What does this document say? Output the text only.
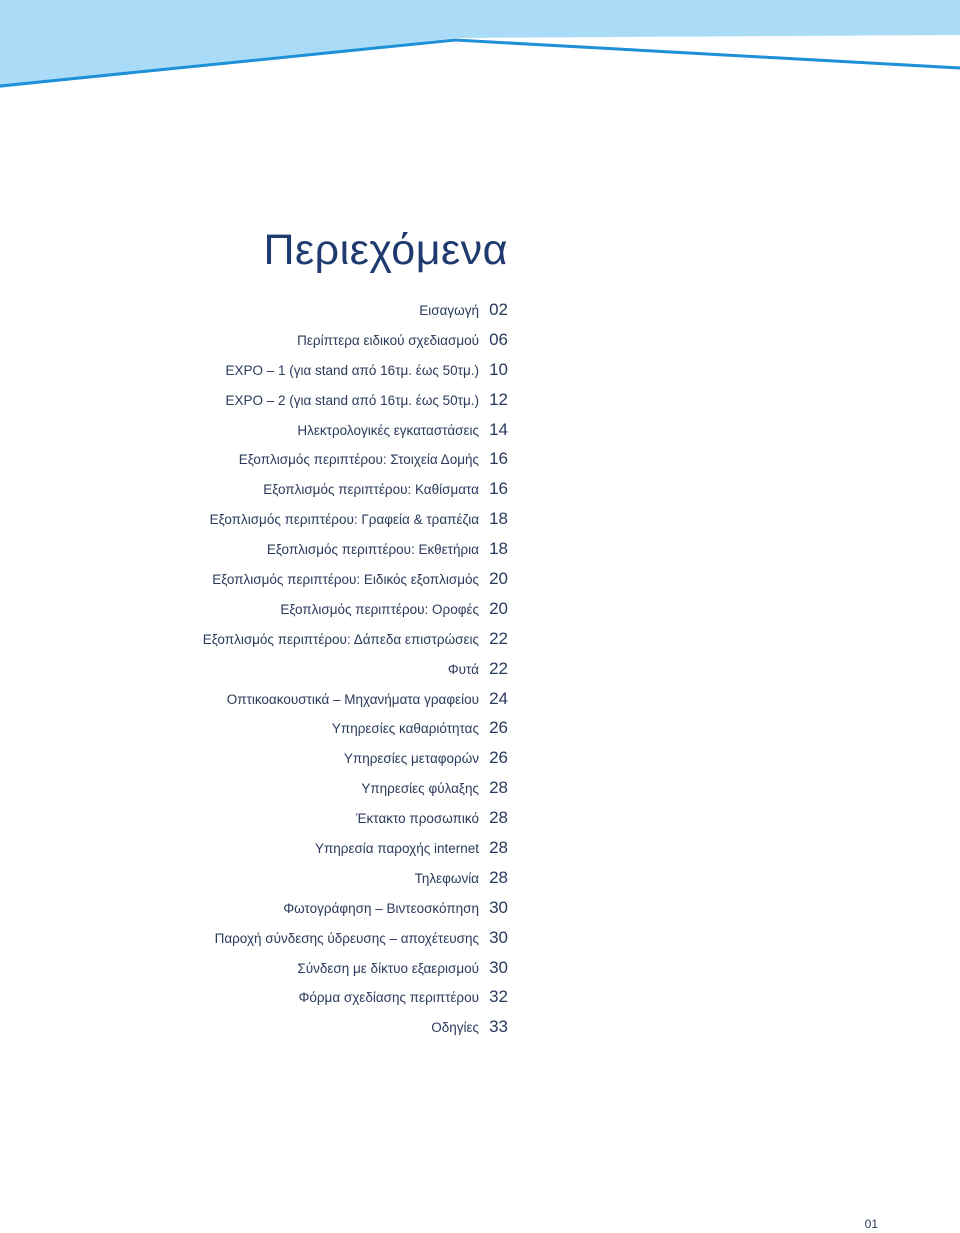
Περιεχόμενα
Εισαγωγή 02
Περίπτερα ειδικού σχεδιασμού 06
EXPO – 1 (για stand από 16τμ. έως 50τμ.) 10
EXPO – 2 (για stand από 16τμ. έως 50τμ.) 12
Ηλεκτρολογικές εγκαταστάσεις 14
Εξοπλισμός περιπτέρου: Στοιχεία Δομής 16
Εξοπλισμός περιπτέρου: Καθίσματα 16
Εξοπλισμός περιπτέρου: Γραφεία & τραπέζια 18
Εξοπλισμός περιπτέρου: Εκθετήρια 18
Εξοπλισμός περιπτέρου: Ειδικός εξοπλισμός 20
Εξοπλισμός περιπτέρου: Οροφές 20
Εξοπλισμός περιπτέρου: Δάπεδα επιστρώσεις 22
Φυτά 22
Οπτικοακουστικά – Μηχανήματα γραφείου 24
Υπηρεσίες καθαριότητας 26
Υπηρεσίες μεταφορών 26
Υπηρεσίες φύλαξης 28
Έκτακτο προσωπικό 28
Υπηρεσία παροχής internet 28
Τηλεφωνία 28
Φωτογράφηση – Βιντεοσκόπηση 30
Παροχή σύνδεσης ύδρευσης – αποχέτευσης 30
Σύνδεση με δίκτυο εξαερισμού 30
Φόρμα σχεδίασης περιπτέρου 32
Οδηγίες 33
01
